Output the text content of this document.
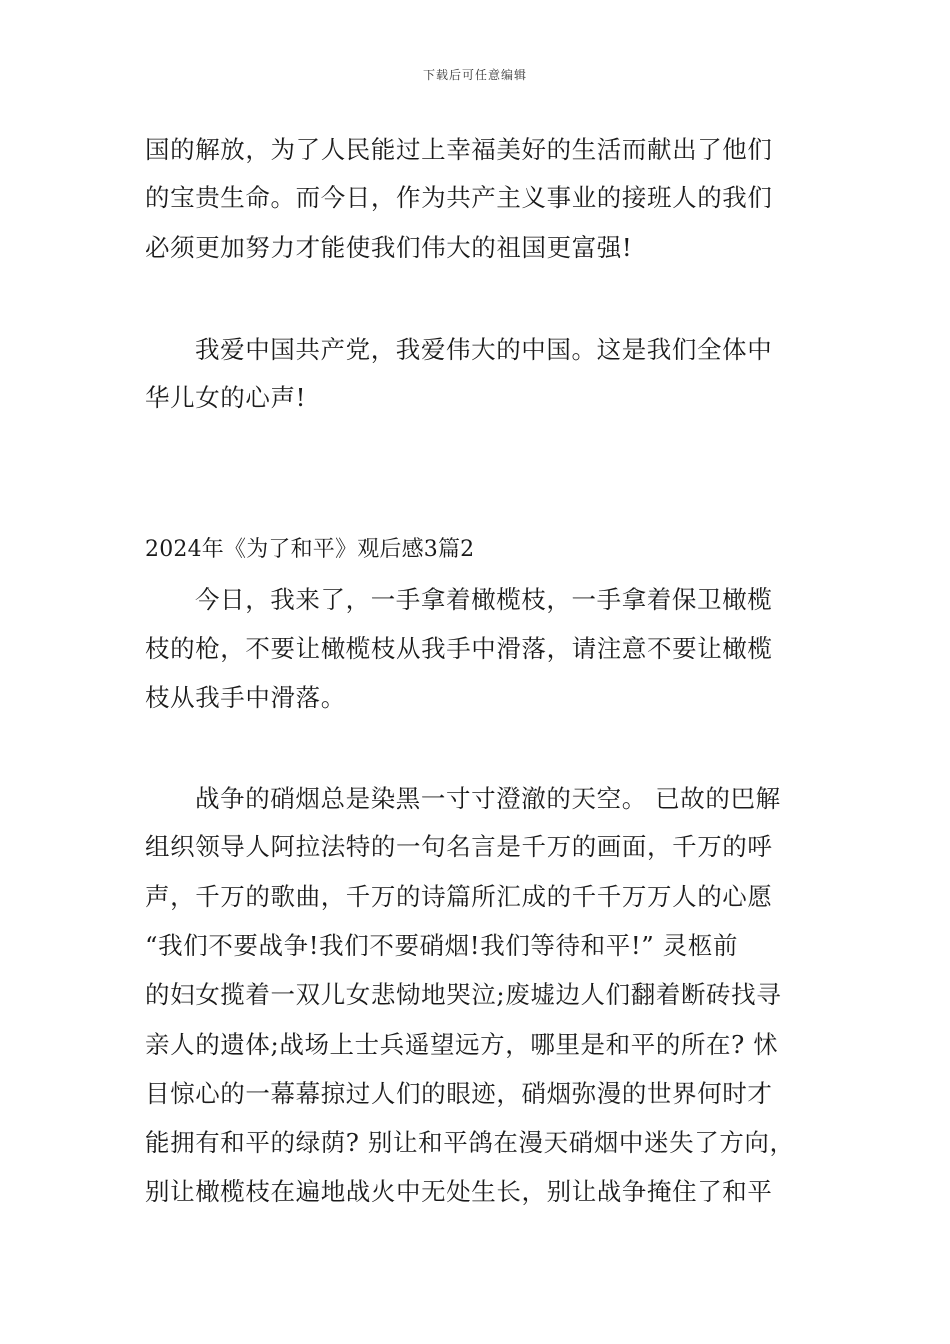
下载后可任意编辑
国的解放，为了人民能过上幸福美好的生活而献出了他们
的宝贵生命。而今日，作为共产主义事业的接班人的我们
必须更加努力才能使我们伟大的祖国更富强!
我爱中国共产党，我爱伟大的中国。这是我们全体中
华儿女的心声!
2024年《为了和平》观后感3篇2
今日，我来了，一手拿着橄榄枝，一手拿着保卫橄榄
枝的枪，不要让橄榄枝从我手中滑落，请注意不要让橄榄
枝从我手中滑落。
战争的硝烟总是染黑一寸寸澄澈的天空。 已故的巴解
组织领导人阿拉法特的一句名言是千万的画面，千万的呼
声，千万的歌曲，千万的诗篇所汇成的千千万万人的心愿
“我们不要战争!我们不要硝烟!我们等待和平!” 灵柩前
的妇女揽着一双儿女悲恸地哭泣;废墟边人们翻着断砖找寻
亲人的遗体;战场上士兵遥望远方，哪里是和平的所在? 怵
目惊心的一幕幕掠过人们的眼迹，硝烟弥漫的世界何时才
能拥有和平的绿荫? 别让和平鸽在漫天硝烟中迷失了方向，
别让橄榄枝在遍地战火中无处生长，别让战争掩住了和平
